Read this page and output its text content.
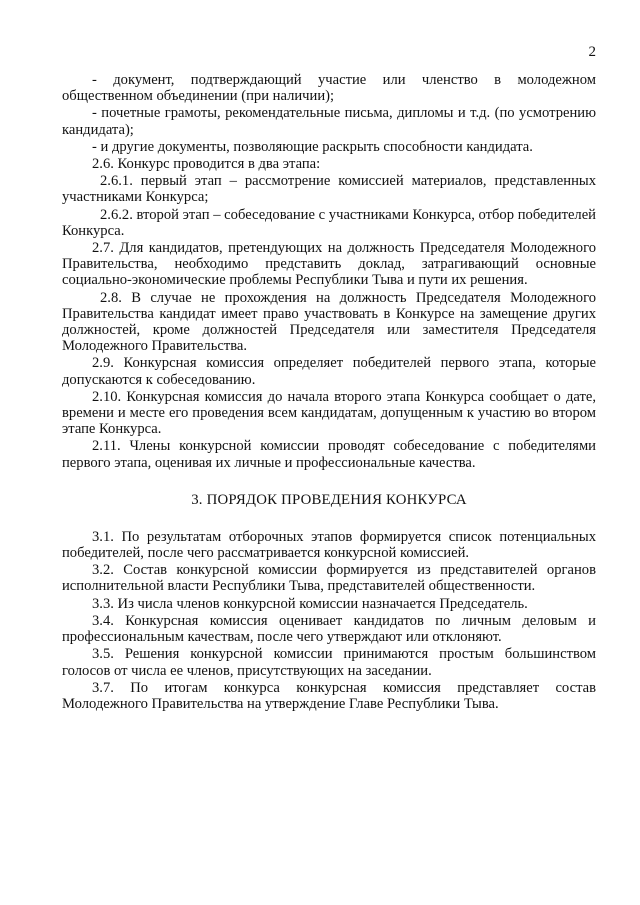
2

- документ, подтверждающий участие или членство в молодежном общественном объединении (при наличии);

- почетные грамоты, рекомендательные письма, дипломы и т.д. (по усмотрению кандидата);

- и другие документы, позволяющие раскрыть способности кандидата.

2.6. Конкурс проводится в два этапа:

2.6.1. первый этап – рассмотрение комиссией материалов, представленных участниками Конкурса;

2.6.2. второй этап – собеседование с участниками Конкурса, отбор победителей Конкурса.

2.7. Для кандидатов, претендующих на должность Председателя Молодежного Правительства, необходимо представить доклад, затрагивающий основные социально-экономические проблемы Республики Тыва и пути их решения.

2.8. В случае не прохождения на должность Председателя Молодежного Правительства кандидат имеет право участвовать в Конкурсе на замещение других должностей, кроме должностей Председателя или заместителя Председателя Молодежного Правительства.

2.9. Конкурсная комиссия определяет победителей первого этапа, которые допускаются к собеседованию.

2.10. Конкурсная комиссия до начала второго этапа Конкурса сообщает о дате, времени и месте его проведения всем кандидатам, допущенным к участию во втором этапе Конкурса.

2.11. Члены конкурсной комиссии проводят собеседование с победителями первого этапа, оценивая их личные и профессиональные качества.

3. ПОРЯДОК ПРОВЕДЕНИЯ КОНКУРСА

3.1. По результатам отборочных этапов формируется список потенциальных победителей, после чего рассматривается конкурсной комиссией.

3.2. Состав конкурсной комиссии формируется из представителей органов исполнительной власти Республики Тыва, представителей общественности.

3.3. Из числа членов конкурсной комиссии назначается Председатель.

3.4. Конкурсная комиссия оценивает кандидатов по личным деловым и профессиональным качествам, после чего утверждают или отклоняют.

3.5. Решения конкурсной комиссии принимаются простым большинством голосов от числа ее членов, присутствующих на заседании.

3.7. По итогам конкурса конкурсная комиссия представляет состав Молодежного Правительства на утверждение Главе Республики Тыва.
